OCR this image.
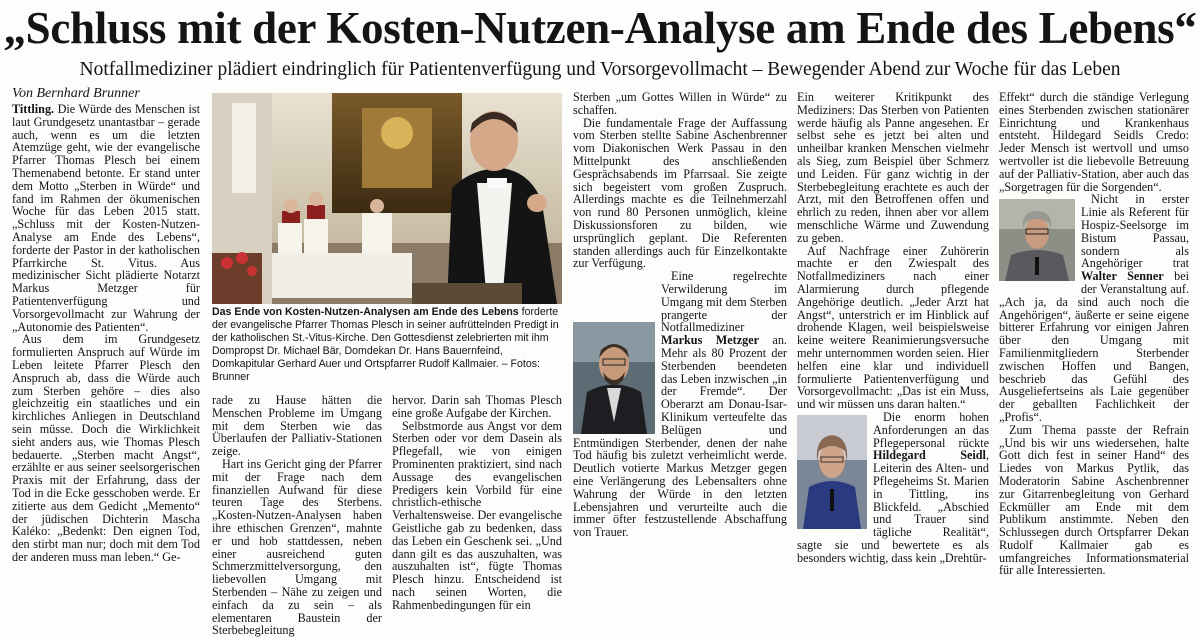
„Schluss mit der Kosten-Nutzen-Analyse am Ende des Lebens“
Notfallmediziner plädiert eindringlich für Patientenverfügung und Vorsorgevollmacht – Bewegender Abend zur Woche für das Leben
Von Bernhard Brunner

Tittling. Die Würde des Menschen ist laut Grundgesetz unantastbar – gerade auch, wenn es um die letzten Atemzüge geht, wie der evangelische Pfarrer Thomas Plesch bei einem Themenabend betonte. Er stand unter dem Motto „Sterben in Würde“ und fand im Rahmen der ökumenischen Woche für das Leben 2015 statt. „Schluss mit der Kosten-Nutzen-Analyse am Ende des Lebens“, forderte der Pastor in der katholischen Pfarrkirche St. Vitus. Aus medizinischer Sicht plädierte Notarzt Markus Metzger für Patientenverfügung und Vorsorgevollmacht zur Wahrung der „Autonomie des Patienten“.

Aus dem im Grundgesetz formulierten Anspruch auf Würde im Leben leitete Pfarrer Plesch den Anspruch ab, dass die Würde auch zum Sterben gehöre – dies also gleichzeitig ein staatliches und ein kirchliches Anliegen in Deutschland sein müsse. Doch die Wirklichkeit sieht anders aus, wie Thomas Plesch bedauerte. „Sterben macht Angst“, erzählte er aus seiner seelsorgerischen Praxis mit der Erfahrung, dass der Tod in die Ecke gesschoben werde. Er zitierte aus dem Gedicht „Memento“ der jüdischen Dichterin Mascha Kaléko: „Bedenkt: Den eignen Tod, den stirbt man nur; doch mit dem Tod der anderen muss man leben.“ Ge-

Das Ende von Kosten-Nutzen-Analysen am Ende des Lebens forderte der evangelische Pfarrer Thomas Plesch in seiner aufrüttelnden Predigt in der katholischen St.-Vitus-Kirche. Den Gottesdienst zelebrierten mit ihm Dompropst Dr. Michael Bär, Domdekan Dr. Hans Bauernfeind, Domkapitular Gerhard Auer und Ortspfarrer Rudolf Kallmaier. – Fotos: Brunner

rade zu Hause hätten die Menschen Probleme im Umgang mit dem Sterben wie das Überlaufen der Palliativ-Stationen zeige.

Hart ins Gericht ging der Pfarrer mit der Frage nach dem finanziellen Aufwand für diese teuren Tage des Sterbens. „Kosten-Nutzen-Analysen haben ihre ethischen Grenzen“, mahnte er und hob stattdessen, neben einer ausreichend guten Schmerzmittelversorgung, den liebevollen Umgang mit Sterbenden – Nähe zu zeigen und einfach da zu sein – als elementaren Baustein der Sterbebegleitung

hervor. Darin sah Thomas Plesch eine große Aufgabe der Kirchen.

Selbstmorde aus Angst vor dem Sterben oder vor dem Dasein als Pflegefall, wie von einigen Prominenten praktiziert, sind nach Aussage des evangelischen Predigers kein Vorbild für eine christlich-ethische Verhaltensweise. Der evangelische Geistliche gab zu bedenken, dass das Leben ein Geschenk sei. „Und dann gilt es das auszuhalten, was auszuhalten ist“, fügte Thomas Plesch hinzu. Entscheidend ist nach seinen Worten, die Rahmenbedingungen für ein

Sterben „um Gottes Willen in Würde“ zu schaffen.

Die fundamentale Frage der Auffassung vom Sterben stellte Sabine Aschenbrenner vom Diakonischen Werk Passau in den Mittelpunkt des anschließenden Gesprächsabends im Pfarrsaal. Sie zeigte sich begeistert vom großen Zuspruch. Allerdings machte es die Teilnehmerzahl von rund 80 Personen unmöglich, kleine Diskussionsforen zu bilden, wie ursprünglich geplant. Die Referenten standen allerdings auch für Einzelkontakte zur Verfügung.

Eine regelrechte Verwilderung im Umgang mit dem Sterben prangerte der Notfallmediziner Markus Metzger an. Mehr als 80 Prozent der Sterbenden beendeten das Leben inzwischen „in der Fremde“. Der Oberarzt am Donau-Isar-Klinikum verteufelte das Belügen und Entmündigen Sterbender, denen der nahe Tod häufig bis zuletzt verheimlicht werde. Deutlich votierte Markus Metzger gegen eine Verlängerung des Lebensalters ohne Wahrung der Würde in den letzten Lebensjahren und verurteilte auch die immer öfter festzustellende Abschaffung von Trauer.

Ein weiterer Kritikpunkt des Mediziners: Das Sterben von Patienten werde häufig als Panne angesehen. Er selbst sehe es jetzt bei alten und unheilbar kranken Menschen vielmehr als Sieg, zum Beispiel über Schmerz und Leiden. Für ganz wichtig in der Sterbebegleitung erachtete es auch der Arzt, mit den Betroffenen offen und ehrlich zu reden, ihnen aber vor allem menschliche Wärme und Zuwendung zu geben.

Auf Nachfrage einer Zuhörerin machte er den Zwiespalt des Notfallmediziners nach einer Alarmierung durch pflegende Angehörige deutlich. „Jeder Arzt hat Angst“, unterstrich er im Hinblick auf drohende Klagen, weil beispielsweise keine weitere Reanimierungsversuche mehr unternommen worden seien. Hier helfen eine klar und individuell formulierte Patientenverfügung und Vorsorgevollmacht: „Das ist ein Muss, und wir müssen uns daran halten.“

Die enorm hohen Anforderungen an das Pflegepersonal rückte Hildegard Seidl, Leiterin des Alten- und Pflegeheims St. Marien in Tittling, ins Blickfeld. „Abschied und Trauer sind tägliche Realität“, sagte sie und bewertete es als besonders wichtig, dass kein „Drehtür-

Effekt“ durch die ständige Verlegung eines Sterbenden zwischen stationärer Einrichtung und Krankenhaus entsteht. Hildegard Seidls Credo: Jeder Mensch ist wertvoll und umso wertvoller ist die liebevolle Betreuung auf der Palliativ-Station, aber auch das „Sorgetragen für die Sorgenden“.

Nicht in erster Linie als Referent für Hospiz-Seelsorge im Bistum Passau, sondern als Angehöriger trat Walter Senner bei der Veranstaltung auf. „Ach ja, da sind auch noch die Angehörigen“, äußerte er seine eigene bitterer Erfahrung vor einigen Jahren über den Umgang mit Familienmitgliedern Sterbender zwischen Hoffen und Bangen, beschrieb das Gefühl des Ausgeliefertseins als Laie gegenüber der geballten Fachlichkeit der „Profis“.

Zum Thema passte der Refrain „Und bis wir uns wiedersehen, halte Gott dich fest in seiner Hand“ des Liedes von Markus Pytlik, das Moderatorin Sabine Aschenbrenner zur Gitarrenbegleitung von Gerhard Eckmüller am Ende mit dem Publikum anstimmte. Neben den Schlussegen durch Ortspfarrer Dekan Rudolf Kallmaier gab es umfangreiches Informationsmaterial für alle Interessierten.
